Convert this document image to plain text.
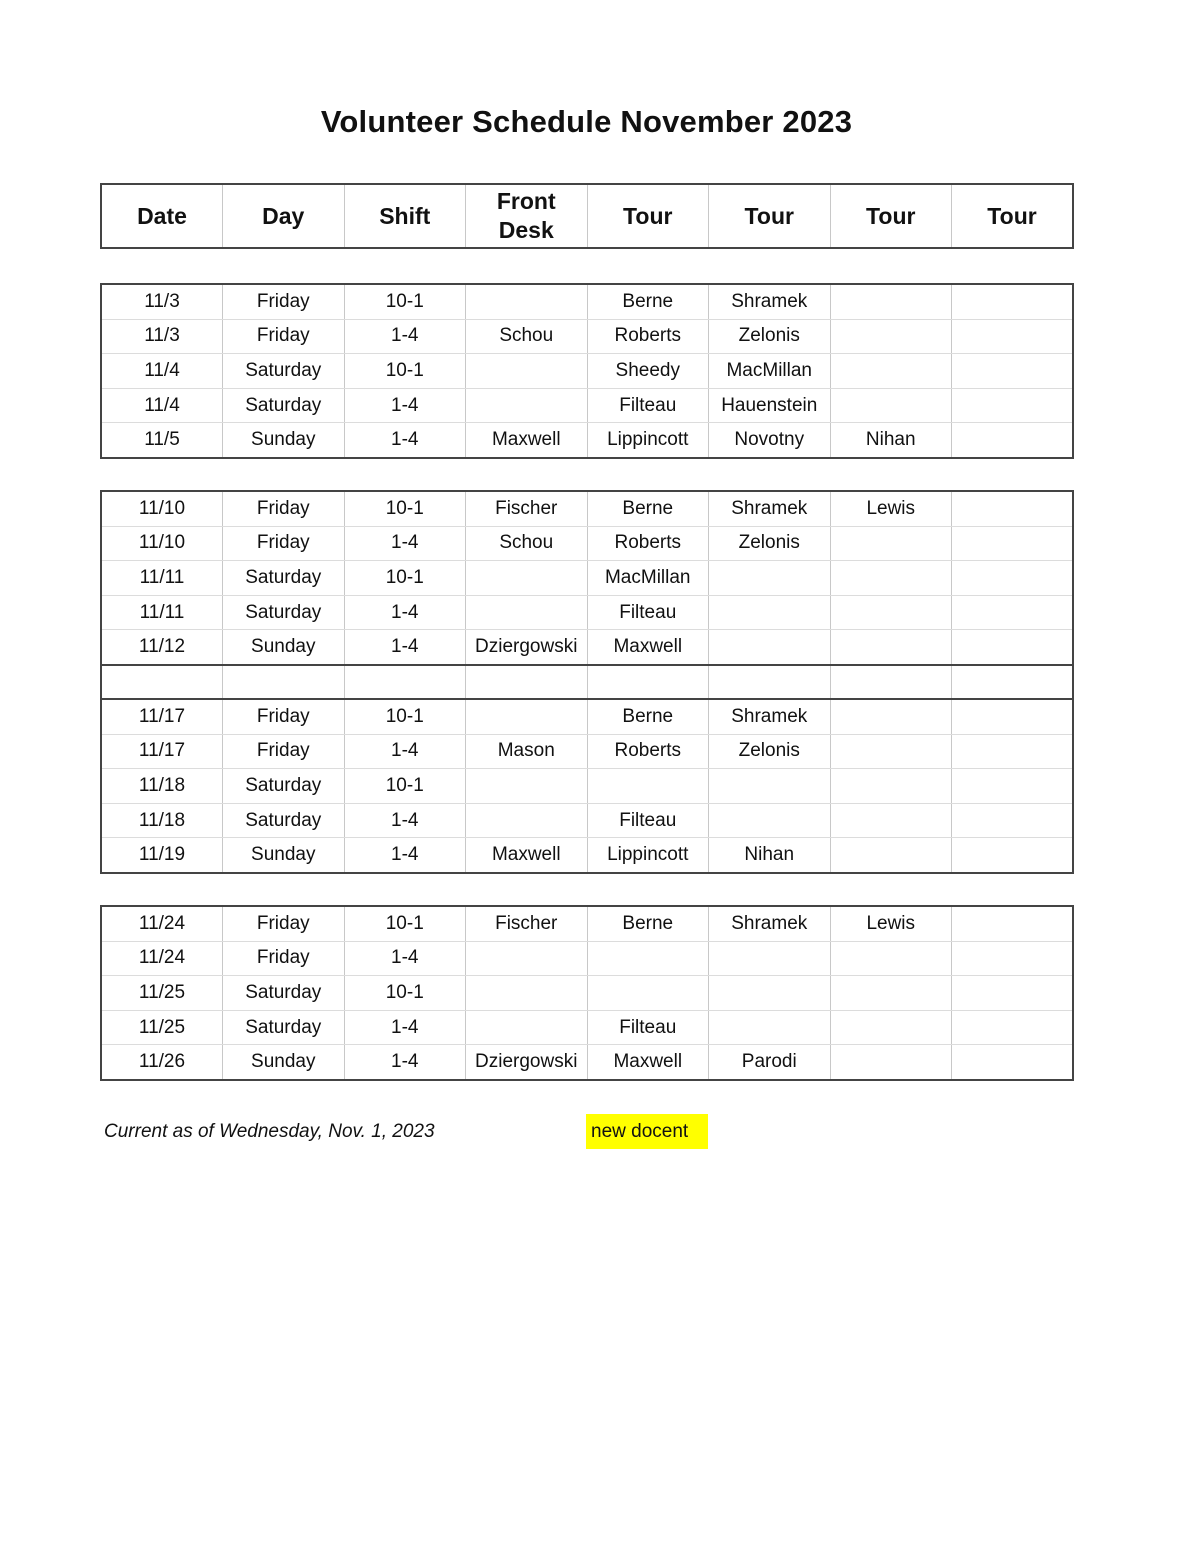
Volunteer Schedule November 2023
Date	Day	Shift	Front Desk	Tour	Tour	Tour	Tour
11/3	Friday	10-1		Berne	Shramek		
11/3	Friday	1-4	Schou	Roberts	Zelonis		
11/4	Saturday	10-1		Sheedy	MacMillan		
11/4	Saturday	1-4		Filteau	Hauenstein		
11/5	Sunday	1-4	Maxwell	Lippincott	Novotny	Nihan	
11/10	Friday	10-1	Fischer	Berne	Shramek	Lewis	
11/10	Friday	1-4	Schou	Roberts	Zelonis		
11/11	Saturday	10-1		MacMillan			
11/11	Saturday	1-4		Filteau			
11/12	Sunday	1-4	Dziergowski	Maxwell			

11/17	Friday	10-1		Berne	Shramek		
11/17	Friday	1-4	Mason	Roberts	Zelonis		
11/18	Saturday	10-1					
11/18	Saturday	1-4		Filteau			
11/19	Sunday	1-4	Maxwell	Lippincott	Nihan		
11/24	Friday	10-1	Fischer	Berne	Shramek	Lewis	
11/24	Friday	1-4					
11/25	Saturday	10-1					
11/25	Saturday	1-4		Filteau			
11/26	Sunday	1-4	Dziergowski	Maxwell	Parodi		
Current as of Wednesday, Nov. 1, 2023	new docent
